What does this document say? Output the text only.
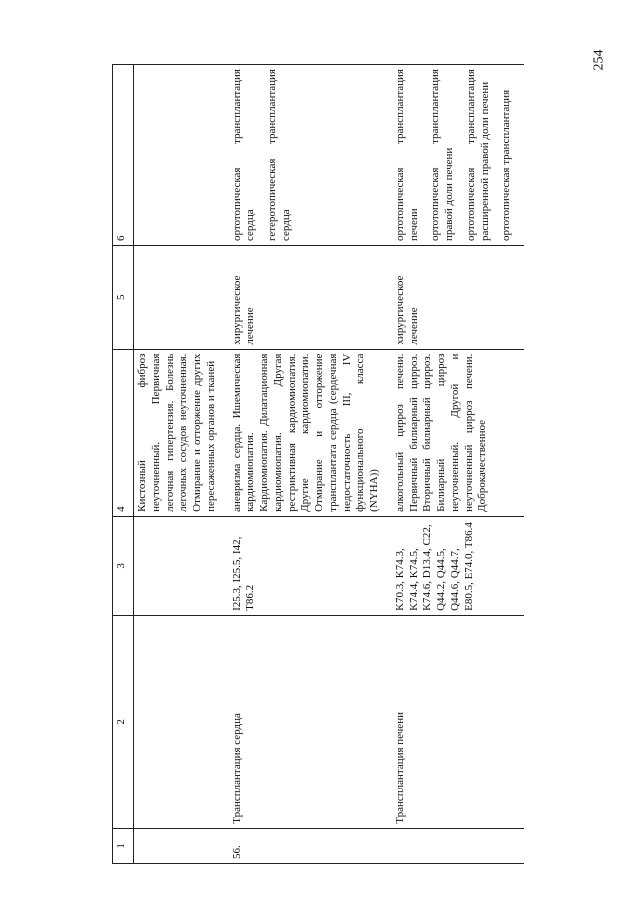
254
1	2	3	4	5	6
			Кистозный фиброз неуточненный. Первичная легочная гипертензия. Болезнь легочных сосудов неуточненная. Отмирание и отторжение других пересаженных органов и тканей		

56.	Трансплантация сердца	I25.3, I25.5, I42, T86.2	аневризма сердца. Ишемическая кардиомиопатия. Кардиомиопатия. Дилатационная кардиомиопатия. Другая рестриктивная кардиомиопатия. Другие кардиомиопатии. Отмирание и отторжение трансплантата сердца (сердечная недостаточность III, IV функционального класса (NYHA))	хирургическое лечение	ортотопическая трансплантация сердца гетеротопическая трансплантация сердца

	Трансплантация печени	K70.3, K74.3, K74.4, K74.5, K74.6, D13.4, C22, Q44.2, Q44.5, Q44.6, Q44.7, E80.5, E74.0, T86.4	алкогольный цирроз печени. Первичный билиарный цирроз. Вторичный билиарный цирроз. Билиарный цирроз неуточненный. Другой и неуточненный цирроз печени. Доброкачественное	хирургическое лечение	ортотопическая трансплантация печени ортотопическая трансплантация правой доли печени ортотопическая трансплантация расширенной правой доли печени ортотопическая трансплантация
